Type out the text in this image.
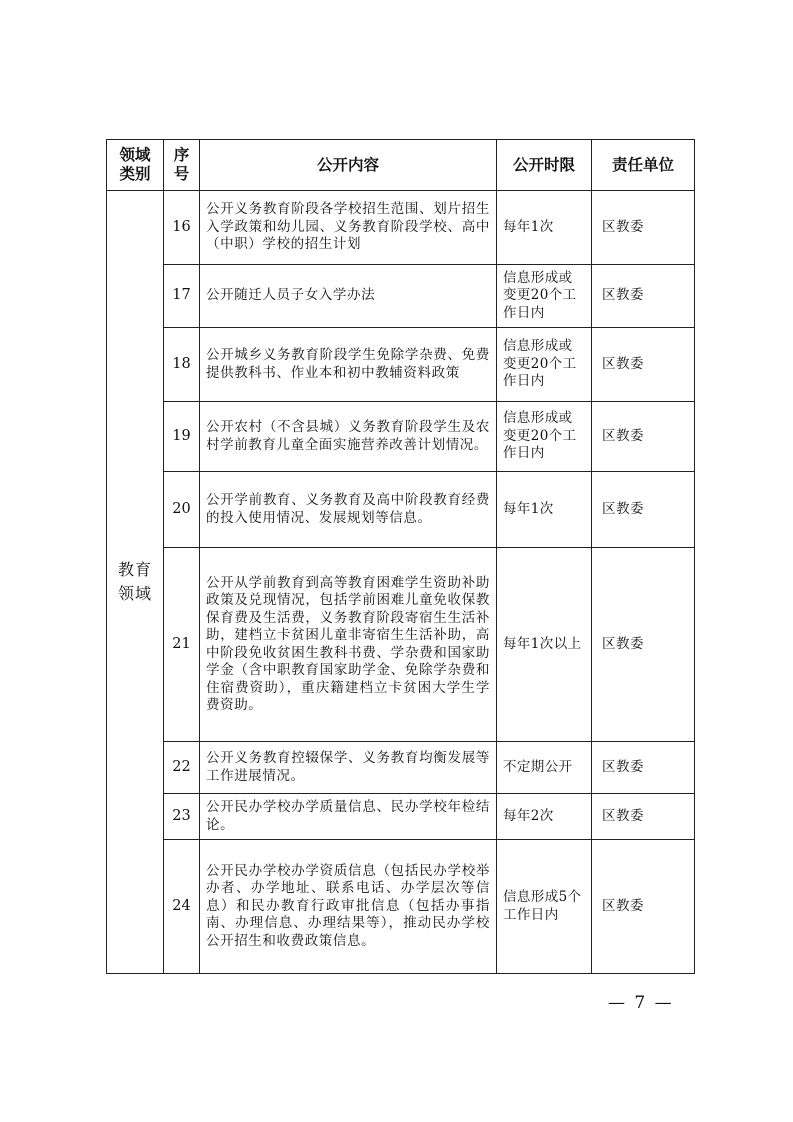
领域类别	序号	公开内容	公开时限	责任单位
教育领域	16	公开义务教育阶段各学校招生范围、划片招生入学政策和幼儿园、义务教育阶段学校、高中（中职）学校的招生计划	每年1次	区教委
	17	公开随迁人员子女入学办法	信息形成或变更20个工作日内	区教委
	18	公开城乡义务教育阶段学生免除学杂费、免费提供教科书、作业本和初中教辅资料政策	信息形成或变更20个工作日内	区教委
	19	公开农村（不含县城）义务教育阶段学生及农村学前教育儿童全面实施营养改善计划情况。	信息形成或变更20个工作日内	区教委
	20	公开学前教育、义务教育及高中阶段教育经费的投入使用情况、发展规划等信息。	每年1次	区教委
	21	公开从学前教育到高等教育困难学生资助补助政策及兑现情况，包括学前困难儿童免收保教保育费及生活费，义务教育阶段寄宿生生活补助，建档立卡贫困儿童非寄宿生生活补助，高中阶段免收贫困生教科书费、学杂费和国家助学金（含中职教育国家助学金、免除学杂费和住宿费资助），重庆籍建档立卡贫困大学生学费资助。	每年1次以上	区教委
	22	公开义务教育控辍保学、义务教育均衡发展等工作进展情况。	不定期公开	区教委
	23	公开民办学校办学质量信息、民办学校年检结论。	每年2次	区教委
	24	公开民办学校办学资质信息（包括民办学校举办者、办学地址、联系电话、办学层次等信息）和民办教育行政审批信息（包括办事指南、办理信息、办理结果等），推动民办学校公开招生和收费政策信息。	信息形成5个工作日内	区教委
— 7 —
